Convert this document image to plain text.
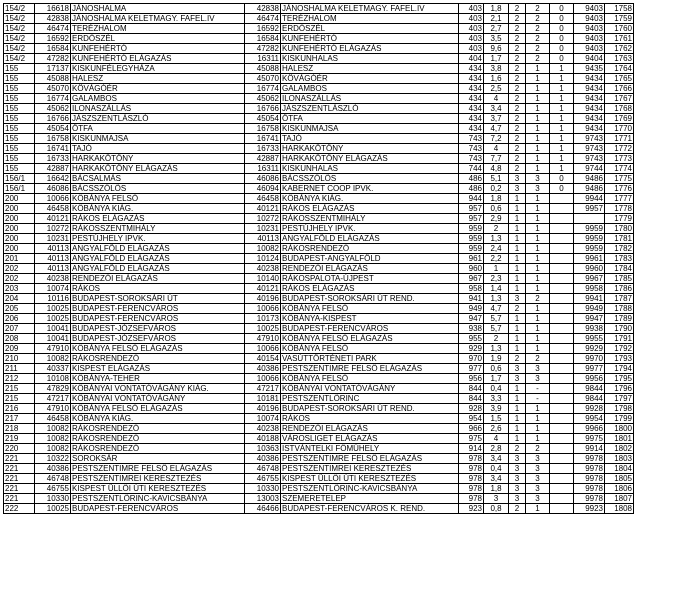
154/2	16618	JÁNOSHALMA	42838	JÁNOSHALMA KELETMAGY. FAFEL.IV	403	1,8	2	2	0	9403	1758
154/2	42838	JÁNOSHALMA KELETMAGY. FAFEL.IV	46474	TERÉZHALOM	403	2,1	2	2	0	9403	1759
154/2	46474	TERÉZHALOM	16592	ERDŐSZÉL	403	2,7	2	2	0	9403	1760
154/2	16592	ERDŐSZÉL	16584	KUNFEHÉRTÓ	403	3,5	2	2	0	9403	1761
154/2	16584	KUNFEHÉRTÓ	47282	KUNFEHÉRTÓ ELÁGAZÁS	403	9,6	2	2	0	9403	1762
154/2	47282	KUNFEHÉRTÓ ELÁGAZÁS	16311	KISKUNHALAS	404	1,7	2	2	0	9404	1763
155	17137	KISKUNFÉLEGYHÁZA	45088	HALESZ	434	3,8	2	1	1	9435	1764
155	45088	HALESZ	45070	KÖVÁGÓÉR	434	1,6	2	1	1	9434	1765
155	45070	KÖVÁGÓÉR	16774	GALAMBOS	434	2,5	2	1	1	9434	1766
155	16774	GALAMBOS	45062	ILONASZÁLLÁS	434	4	2	1	1	9434	1767
155	45062	ILONASZÁLLÁS	16766	JÁSZSZENTLÁSZLÓ	434	3,4	2	1	1	9434	1768
155	16766	JÁSZSZENTLÁSZLÓ	45054	ÖTFA	434	3,7	2	1	1	9434	1769
155	45054	ÖTFA	16758	KISKUNMAJSA	434	4,7	2	1	1	9434	1770
155	16758	KISKUNMAJSA	16741	TAJÓ	743	7,2	2	1	1	9743	1771
155	16741	TAJÓ	16733	HARKAKÖTÖNY	743	4	2	1	1	9743	1772
155	16733	HARKAKÖTÖNY	42887	HARKAKÖTÖNY ELÁGAZÁS	743	7,7	2	1	1	9743	1773
155	42887	HARKAKÖTÖNY ELÁGAZÁS	16311	KISKUNHALAS	744	4,8	2	1	1	9744	1774
156/1	16642	BÁCSALMÁS	46086	BÁCSSZŐLŐS	486	5,1	3	3	0	9486	1775
156/1	46086	BÁCSSZŐLŐS	46094	KABERNET COOP IPVK.	486	0,2	3	3	0	9486	1776
200	10066	KŐBÁNYA FELSŐ	46458	KŐBÁNYA KIÁG.	944	1,8	1	1		9944	1777
200	46458	KŐBÁNYA KIÁG.	40121	RÁKOS ELÁGAZÁS	957	0,6	1	1		9957	1778
200	40121	RÁKOS ELÁGAZÁS	10272	RÁKOSSZENTMIHÁLY	957	2,9	1	1			1779
200	10272	RÁKOSSZENTMIHÁLY	10231	PESTÚJHELY IPVK.	959	2	1	1		9959	1780
200	10231	PESTÚJHELY IPVK.	40113	ANGYALFÖLD ELÁGAZÁS	959	1,3	1	1		9959	1781
200	40113	ANGYALFÖLD ELÁGAZÁS	10082	RÁKOSRENDEZŐ	959	2,4	1	1		9959	1782
201	40113	ANGYALFÖLD ELÁGAZÁS	10124	BUDAPEST-ANGYALFÖLD	961	2,2	1	1		9961	1783
202	40113	ANGYALFÖLD ELÁGAZÁS	40238	RENDEZŐI ELÁGAZÁS	960	1	1	1		9960	1784
202	40238	RENDEZŐI ELÁGAZÁS	10140	RÁKOSPALOTA-ÚJPEST	967	2,3	1	1		9967	1785
203	10074	RÁKOS	40121	RÁKOS ELÁGAZÁS	958	1,4	1	1		9958	1786
204	10116	BUDAPEST-SOROKSÁRI ÚT	40196	BUDAPEST-SOROKSÁRI ÚT REND.	941	1,3	3	2		9941	1787
205	10025	BUDAPEST-FERENCVÁROS	10066	KŐBÁNYA FELSŐ	949	4,7	2	1		9949	1788
206	10025	BUDAPEST-FERENCVÁROS	10173	KŐBÁNYA-KISPEST	947	5,7	1	1		9947	1789
207	10041	BUDAPEST-JÓZSEFVÁROS	10025	BUDAPEST-FERENCVÁROS	938	5,7	1	1		9938	1790
208	10041	BUDAPEST-JÓZSEFVÁROS	47910	KŐBÁNYA FELSŐ ELÁGAZÁS	955	2	1	1		9955	1791
209	47910	KŐBÁNYA FELSŐ ELÁGAZÁS	10066	KŐBÁNYA FELSŐ	929	1,3	1	1		9929	1792
210	10082	RÁKOSRENDEZŐ	40154	VASÚTTÖRTÉNETI PARK	970	1,9	2	2		9970	1793
211	40337	KISPEST ELÁGAZÁS	40386	PESTSZENTIMRE FELSŐ ELÁGAZÁS	977	0,6	3	3		9977	1794
212	10108	KŐBÁNYA-TEHER	10066	KŐBÁNYA FELSŐ	956	1,7	3	3		9956	1795
215	47829	KŐBÁNYAI VONTATÓVÁGÁNY KIÁG.	47217	KŐBÁNYAI VONTATÓVÁGÁNY	844	0,4	1	-		9844	1796
215	47217	KŐBÁNYAI VONTATÓVÁGÁNY	10181	PESTSZENTLŐRINC	844	3,3	1	-		9844	1797
216	47910	KŐBÁNYA FELSŐ ELÁGAZÁS	40196	BUDAPEST-SOROKSÁRI ÚT REND.	928	3,9	1	1		9928	1798
217	46458	KŐBÁNYA KIÁG.	10074	RÁKOS	954	1,5	1	1		9954	1799
218	10082	RÁKOSRENDEZŐ	40238	RENDEZŐI ELÁGAZÁS	966	2,6	1	1		9966	1800
219	10082	RÁKOSRENDEZŐ	40188	VÁROSLIGET ELÁGAZÁS	975	4	1	1		9975	1801
220	10082	RÁKOSRENDEZŐ	10363	ISTVÁNTELKI FŐMŰHELY	914	2,8	2	2		9914	1802
221	10322	SOROKSÁR	40386	PESTSZENTIMRE FELSŐ ELÁGAZÁS	978	3,4	3	3		9978	1803
221	40386	PESTSZENTIMRE FELSŐ ELÁGAZÁS	46748	PESTSZENTIMREI KERESZTEZÉS	978	0,4	3	3		9978	1804
221	46748	PESTSZENTIMREI KERESZTEZÉS	46755	KISPEST ÜLLŐI ÚTI KERESZTEZÉS	978	3,4	3	3		9978	1805
221	46755	KISPEST ÜLLŐI ÚTI KERESZTEZÉS	10330	PESTSZENTLŐRINC-KAVICSBÁNYA	978	1,8	3	3		9978	1806
221	10330	PESTSZENTLŐRINC-KAVICSBÁNYA	13003	SZEMERETELEP	978	3	3	3		9978	1807
222	10025	BUDAPEST-FERENCVÁROS	46466	BUDAPEST-FERENCVÁROS K. REND.	923	0,8	2	1		9923	1808
